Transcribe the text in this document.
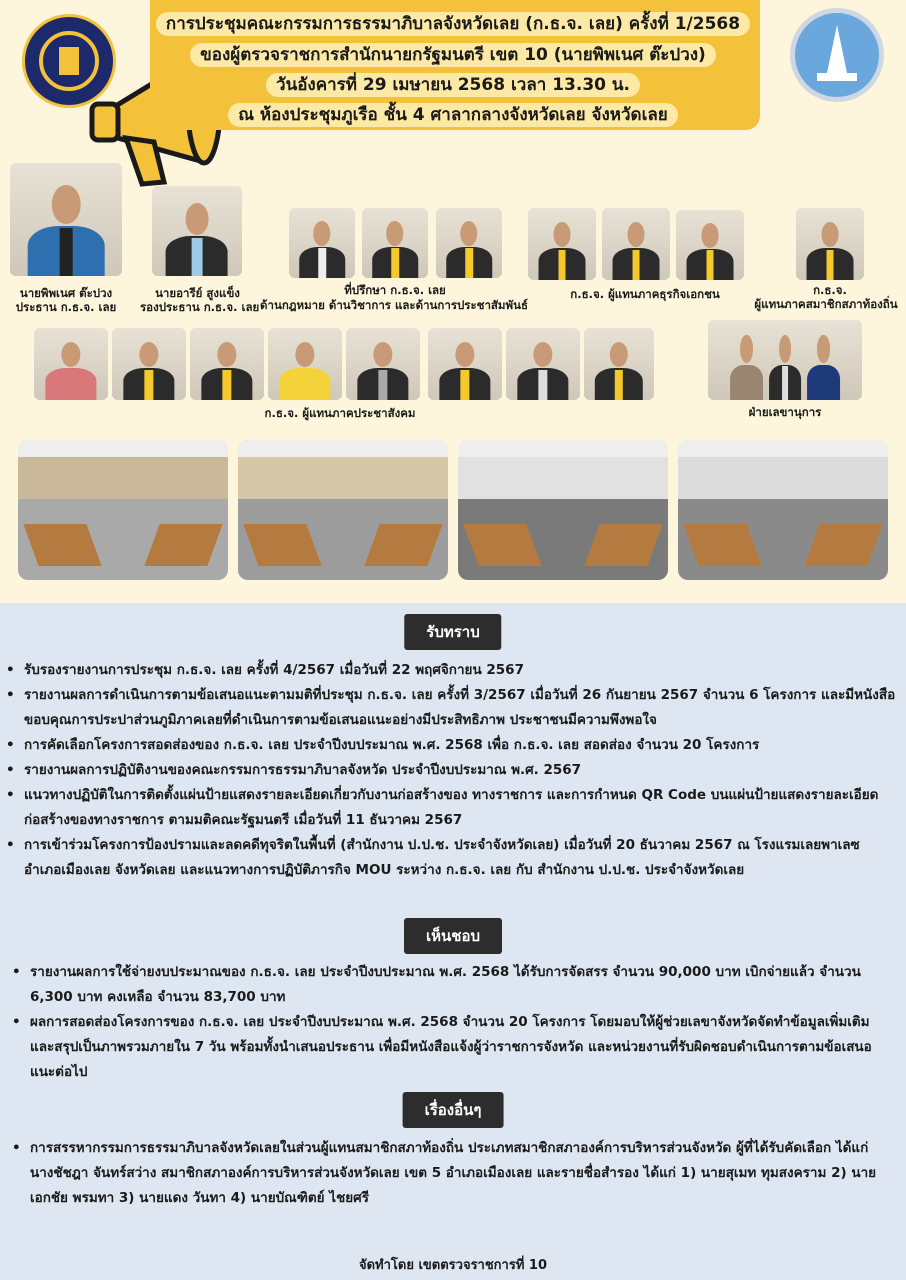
การประชุมคณะกรรมการธรรมาภิบาลจังหวัดเลย (ก.ธ.จ. เลย) ครั้งที่ 1/2568
ของผู้ตรวจราชการสำนักนายกรัฐมนตรี เขต 10 (นายพิพเนศ ต๊ะปวง)
วันอังคารที่ 29 เมษายน 2568 เวลา 13.30 น.
ณ ห้องประชุมภูเรือ ชั้น 4 ศาลากลางจังหวัดเลย จังหวัดเลย
นายพิพเนศ ต๊ะปวง
ประธาน ก.ธ.จ. เลย
นายอารีย์ สูงแข็ง
รองประธาน ก.ธ.จ. เลย
ที่ปรึกษา ก.ธ.จ. เลย
ด้านกฎหมาย ด้านวิชาการ และด้านการประชาสัมพันธ์
ก.ธ.จ. ผู้แทนภาคธุรกิจเอกชน	ก.ธ.จ.
ผู้แทนภาคสมาชิกสภาท้องถิ่น
ก.ธ.จ. ผู้แทนภาคประชาสังคม	ฝ่ายเลขานุการ
รับทราบ
• รับรองรายงานการประชุม ก.ธ.จ. เลย ครั้งที่ 4/2567 เมื่อวันที่ 22 พฤศจิกายน 2567
• รายงานผลการดำเนินการตามข้อเสนอแนะตามมติที่ประชุม ก.ธ.จ. เลย ครั้งที่ 3/2567 เมื่อวันที่ 26 กันยายน 2567 จำนวน 6 โครงการ และมีหนังสือขอบคุณการประปาส่วนภูมิภาคเลยที่ดำเนินการตามข้อเสนอแนะอย่างมีประสิทธิภาพ ประชาชนมีความพึงพอใจ
• การคัดเลือกโครงการสอดส่องของ ก.ธ.จ. เลย ประจำปีงบประมาณ พ.ศ. 2568 เพื่อ ก.ธ.จ. เลย สอดส่อง จำนวน 20 โครงการ
• รายงานผลการปฏิบัติงานของคณะกรรมการธรรมาภิบาลจังหวัด ประจำปีงบประมาณ พ.ศ. 2567
• แนวทางปฏิบัติในการติดตั้งแผ่นป้ายแสดงรายละเอียดเกี่ยวกับงานก่อสร้างของ ทางราชการ และการกำหนด QR Code บนแผ่นป้ายแสดงรายละเอียดก่อสร้างของทางราชการ ตามมติคณะรัฐมนตรี เมื่อวันที่ 11 ธันวาคม 2567
• การเข้าร่วมโครงการป้องปรามและลดคดีทุจริตในพื้นที่ (สำนักงาน ป.ป.ช. ประจำจังหวัดเลย) เมื่อวันที่ 20 ธันวาคม 2567 ณ โรงแรมเลยพาเลซ อำเภอเมืองเลย จังหวัดเลย และแนวทางการปฏิบัติภารกิจ MOU ระหว่าง ก.ธ.จ. เลย กับ สำนักงาน ป.ป.ช. ประจำจังหวัดเลย
เห็นชอบ
• รายงานผลการใช้จ่ายงบประมาณของ ก.ธ.จ. เลย ประจำปีงบประมาณ พ.ศ. 2568 ได้รับการจัดสรร จำนวน 90,000 บาท เบิกจ่ายแล้ว จำนวน 6,300 บาท คงเหลือ จำนวน 83,700 บาท
• ผลการสอดส่องโครงการของ ก.ธ.จ. เลย ประจำปีงบประมาณ พ.ศ. 2568 จำนวน 20 โครงการ โดยมอบให้ผู้ช่วยเลขาจังหวัดจัดทำข้อมูลเพิ่มเติม และสรุปเป็นภาพรวมภายใน 7 วัน พร้อมทั้งนำเสนอประธาน เพื่อมีหนังสือแจ้งผู้ว่าราชการจังหวัด และหน่วยงานที่รับผิดชอบดำเนินการตามข้อเสนอแนะต่อไป
เรื่องอื่นๆ
• การสรรหากรรมการธรรมาภิบาลจังหวัดเลยในส่วนผู้แทนสมาชิกสภาท้องถิ่น ประเภทสมาชิกสภาองค์การบริหารส่วนจังหวัด ผู้ที่ได้รับคัดเลือก ได้แก่ นางชัชฎา จันทร์สว่าง สมาชิกสภาองค์การบริหารส่วนจังหวัดเลย เขต 5 อำเภอเมืองเลย และรายชื่อสำรอง ได้แก่ 1) นายสุเมท ทุมสงคราม 2) นายเอกชัย พรมทา 3) นายแดง วันทา 4) นายบัณฑิตย์ ไชยศรี
จัดทำโดย เขตตรวจราชการที่ 10
